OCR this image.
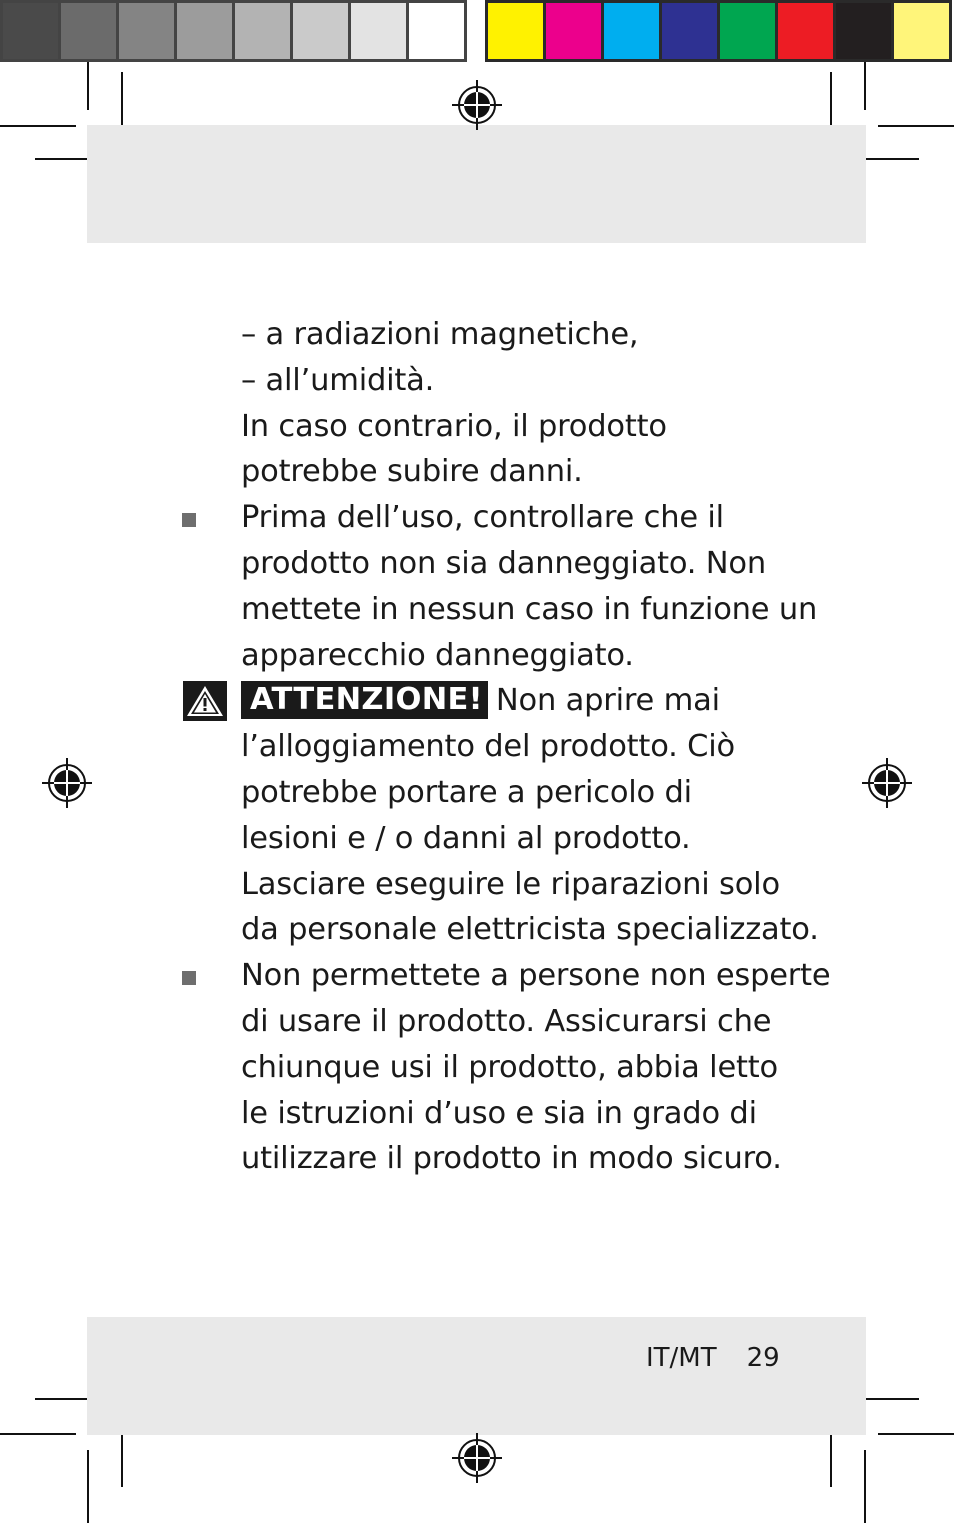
– a radiazioni magnetiche,
– all’umidità.
In caso contrario, il prodotto
potrebbe subire danni.
Prima dell’uso, controllare che il
prodotto non sia danneggiato. Non
mettete in nessun caso in funzione un
apparecchio danneggiato.
ATTENZIONE! Non aprire mai
l’alloggiamento del prodotto. Ciò
potrebbe portare a pericolo di
lesioni e / o danni al prodotto.
Lasciare eseguire le riparazioni solo
da personale elettricista specializzato.
Non permettete a persone non esperte
di usare il prodotto. Assicurarsi che
chiunque usi il prodotto, abbia letto
le istruzioni d’uso e sia in grado di
utilizzare il prodotto in modo sicuro.
IT/MT 29
